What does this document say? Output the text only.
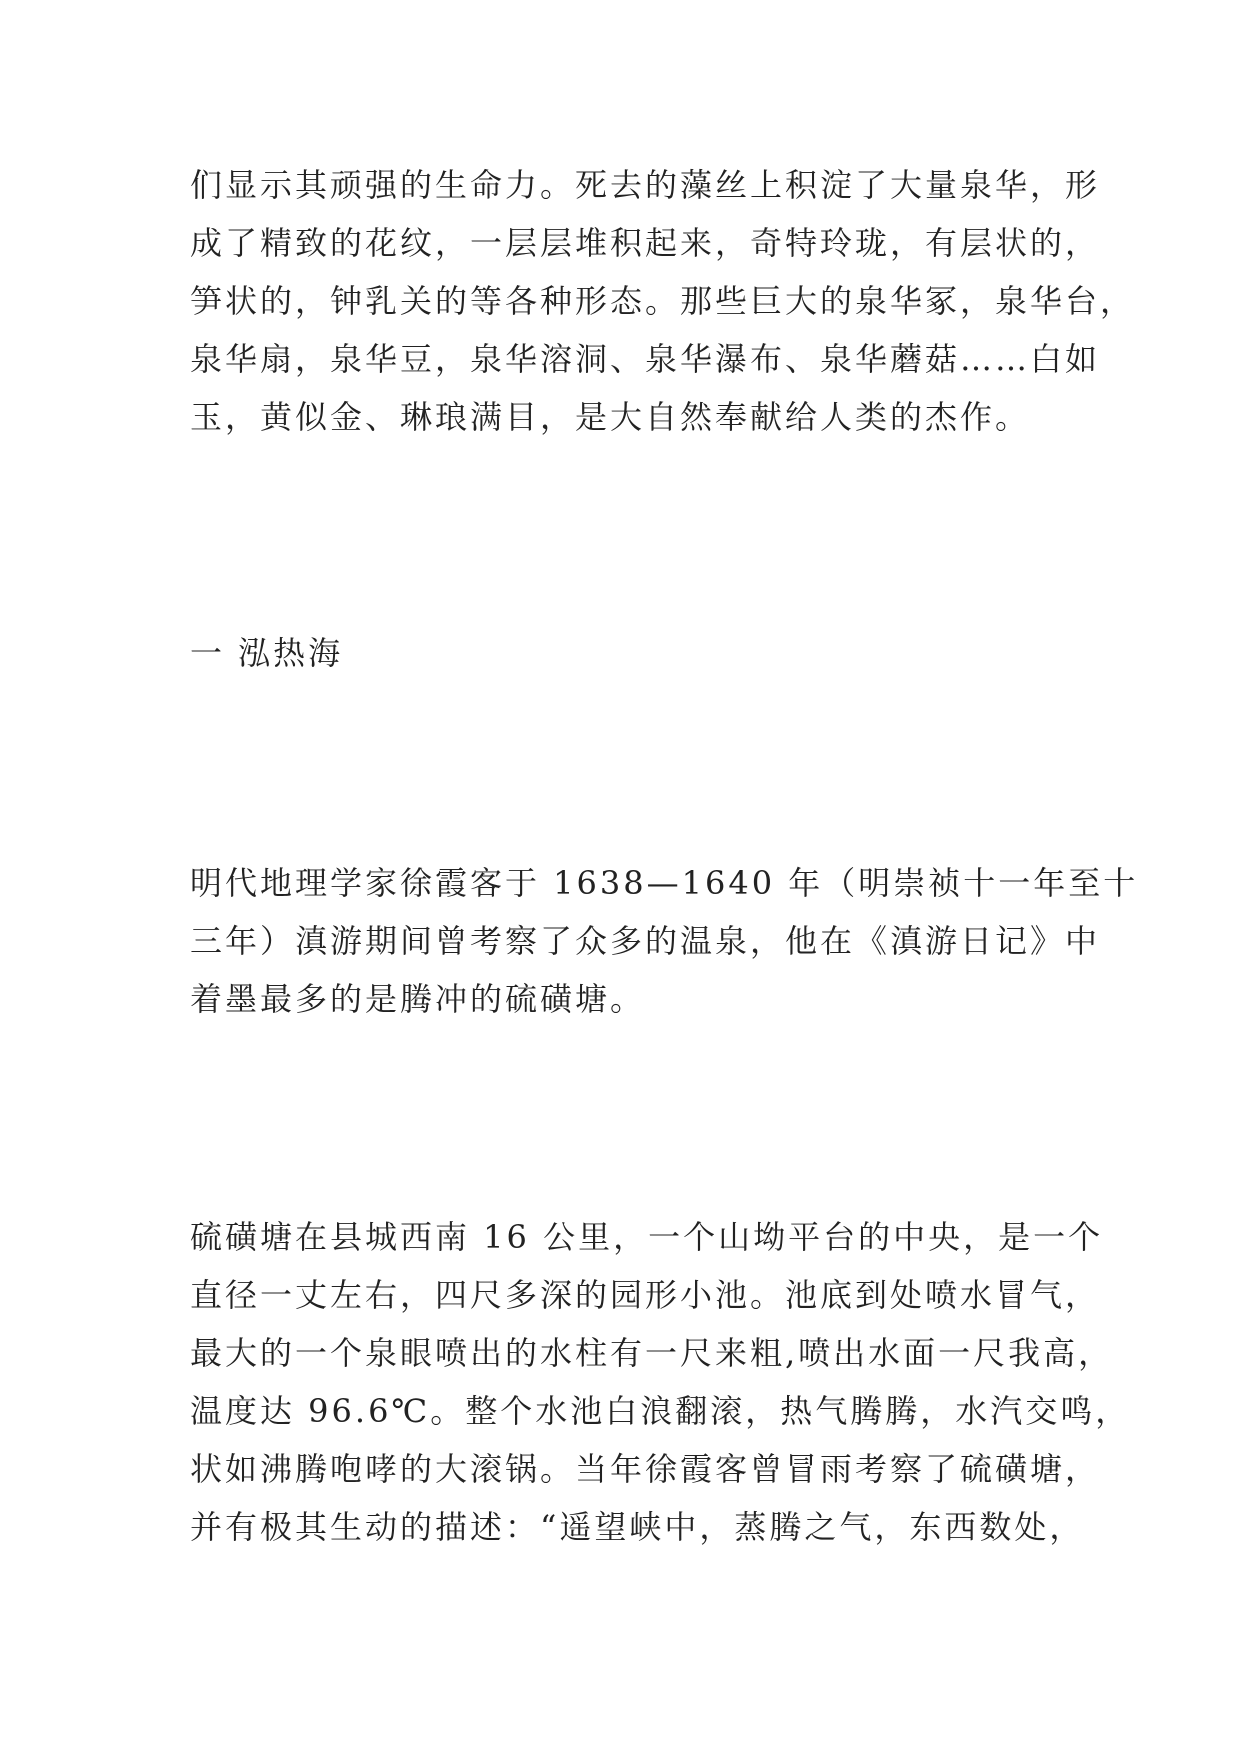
们显示其顽强的生命力。死去的藻丝上积淀了大量泉华，形
成了精致的花纹，一层层堆积起来，奇特玲珑，有层状的，
笋状的，钟乳关的等各种形态。那些巨大的泉华冢，泉华台，
泉华扇，泉华豆，泉华溶洞、泉华瀑布、泉华蘑菇……白如
玉，黄似金、琳琅满目，是大自然奉献给人类的杰作。
一 泓热海
明代地理学家徐霞客于 1638—1640 年（明崇祯十一年至十
三年）滇游期间曾考察了众多的温泉，他在《滇游日记》中
着墨最多的是腾冲的硫磺塘。
硫磺塘在县城西南 16 公里，一个山坳平台的中央，是一个
直径一丈左右，四尺多深的园形小池。池底到处喷水冒气，
最大的一个泉眼喷出的水柱有一尺来粗,喷出水面一尺我高，
温度达 96.6℃。整个水池白浪翻滚，热气腾腾，水汽交鸣，
状如沸腾咆哮的大滚锅。当年徐霞客曾冒雨考察了硫磺塘，
并有极其生动的描述：“遥望峡中，蒸腾之气，东西数处，
